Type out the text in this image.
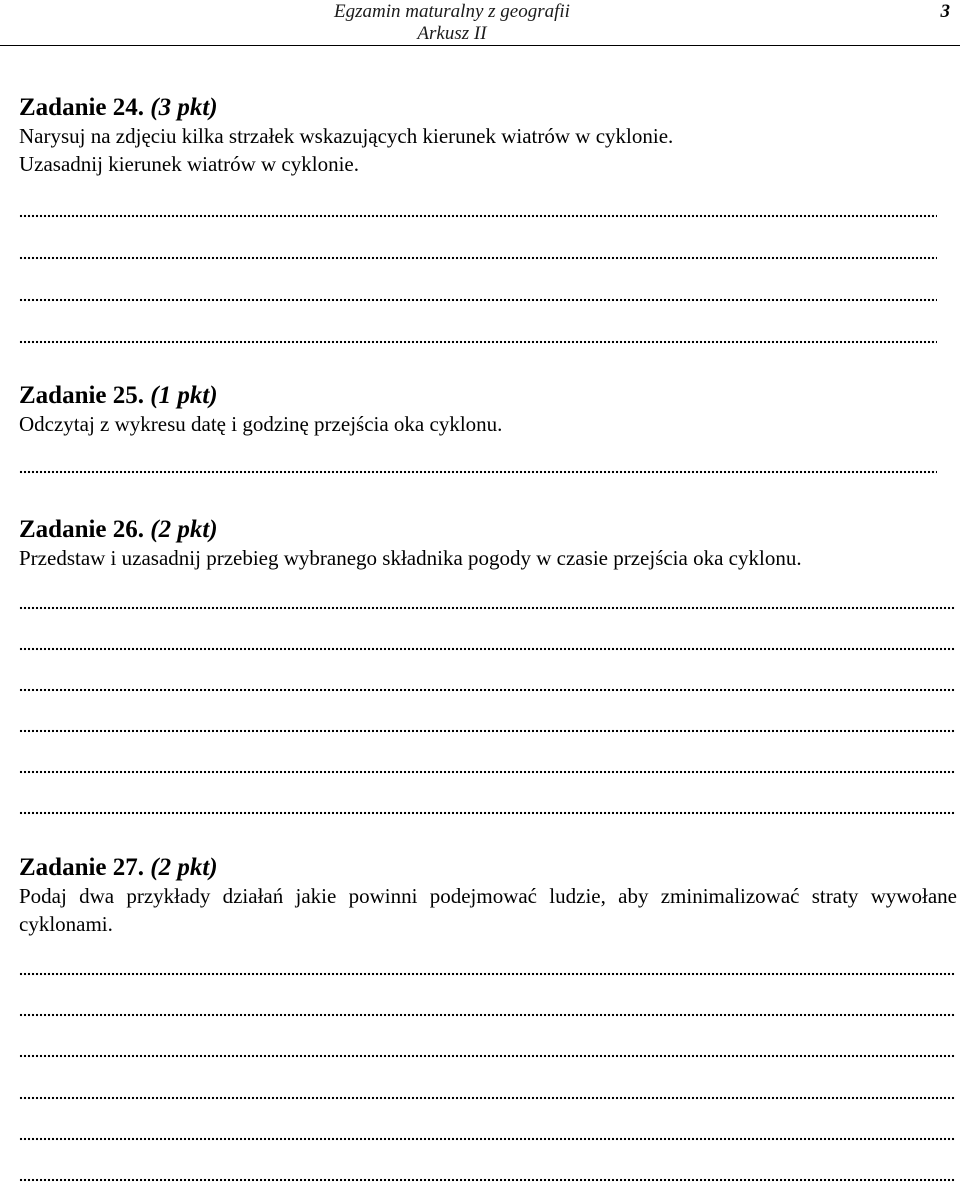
Egzamin maturalny z geografii
Arkusz II
3

Zadanie 24. (3 pkt)

Narysuj na zdjęciu kilka strzałek wskazujących kierunek wiatrów w cyklonie.

Uzasadnij kierunek wiatrów w cyklonie.

Zadanie 25. (1 pkt)

Odczytaj z wykresu datę i godzinę przejścia oka cyklonu.

Zadanie 26. (2 pkt)

Przedstaw i uzasadnij przebieg wybranego składnika pogody w czasie przejścia oka cyklonu.

Zadanie 27. (2 pkt)

Podaj dwa przykłady działań jakie powinni podejmować ludzie, aby zminimalizować straty wywołane cyklonami.
